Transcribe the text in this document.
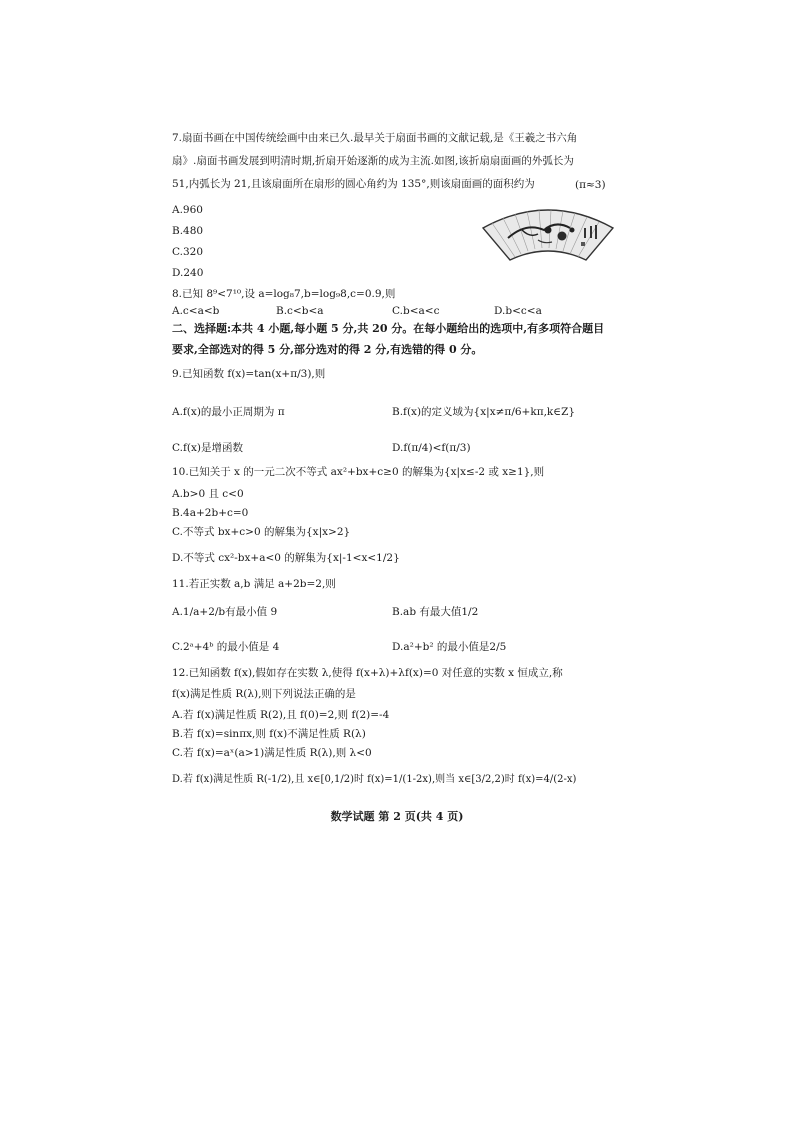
7.扇面书画在中国传统绘画中由来已久.最早关于扇面书画的文献记载,是《王羲之书六角
扇》.扇面书画发展到明清时期,折扇开始逐渐的成为主流.如图,该折扇扇面画的外弧长为
51,内弧长为 21,且该扇面所在扇形的圆心角约为 135°,则该扇面画的面积约为	(π≈3)
A.960
B.480
C.320
D.240
8.已知 8⁹<7¹⁰,设 a=log₈7,b=log₉8,c=0.9,则
A.c<a<b	B.c<b<a	C.b<a<c	D.b<c<a
二、选择题:本共 4 小题,每小题 5 分,共 20 分。在每小题给出的选项中,有多项符合题目
要求,全部选对的得 5 分,部分选对的得 2 分,有选错的得 0 分。
9.已知函数 f(x)=tan(x+π/3),则
A.f(x)的最小正周期为 π	B.f(x)的定义域为{x|x≠π/6+kπ,k∈Z}
C.f(x)是增函数	D.f(π/4)<f(π/3)
10.已知关于 x 的一元二次不等式 ax²+bx+c≥0 的解集为{x|x≤-2 或 x≥1},则
A.b>0 且 c<0
B.4a+2b+c=0
C.不等式 bx+c>0 的解集为{x|x>2}
D.不等式 cx²-bx+a<0 的解集为{x|-1<x<1/2}
11.若正实数 a,b 满足 a+2b=2,则
A.1/a+2/b有最小值 9	B.ab 有最大值1/2
C.2ᵃ+4ᵇ 的最小值是 4	D.a²+b² 的最小值是2/5
12.已知函数 f(x),假如存在实数 λ,使得 f(x+λ)+λf(x)=0 对任意的实数 x 恒成立,称
f(x)满足性质 R(λ),则下列说法正确的是
A.若 f(x)满足性质 R(2),且 f(0)=2,则 f(2)=-4
B.若 f(x)=sinπx,则 f(x)不满足性质 R(λ)
C.若 f(x)=aˣ(a>1)满足性质 R(λ),则 λ<0
D.若 f(x)满足性质 R(-1/2),且 x∈[0,1/2)时 f(x)=1/(1-2x),则当 x∈[3/2,2)时 f(x)=4/(2-x)
数学试题 第 2 页(共 4 页)
